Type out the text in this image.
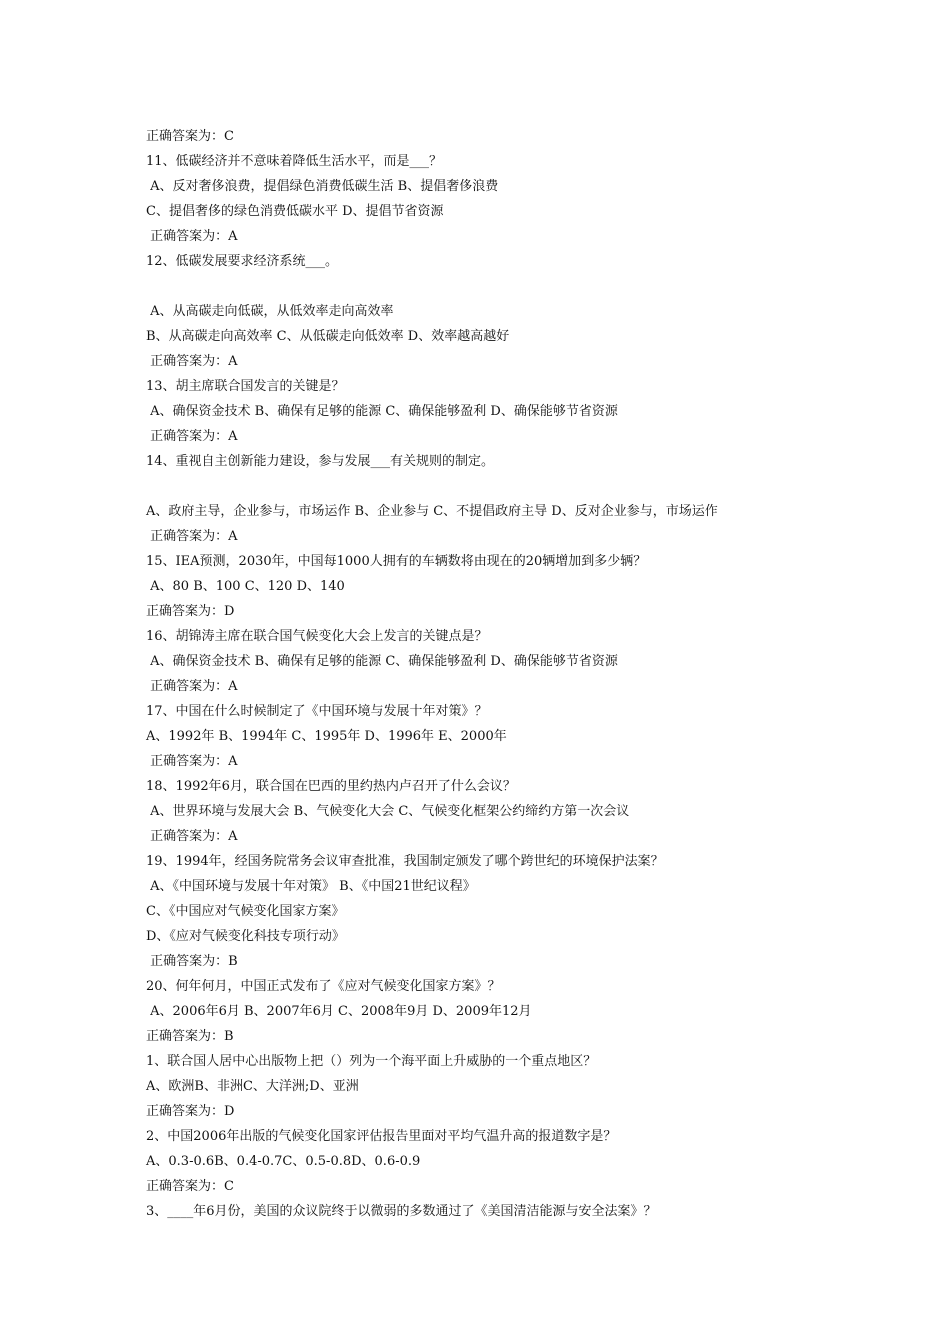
正确答案为：C
11、低碳经济并不意味着降低生活水平，而是___？
A、反对奢侈浪费，提倡绿色消费低碳生活 B、提倡奢侈浪费
C、提倡奢侈的绿色消费低碳水平 D、提倡节省资源
正确答案为：A
12、低碳发展要求经济系统___。
A、从高碳走向低碳，从低效率走向高效率
B、从高碳走向高效率 C、从低碳走向低效率 D、效率越高越好
正确答案为：A
13、胡主席联合国发言的关键是？
A、确保资金技术 B、确保有足够的能源 C、确保能够盈利 D、确保能够节省资源
正确答案为：A
14、重视自主创新能力建设，参与发展___有关规则的制定。
A、政府主导，企业参与，市场运作 B、企业参与 C、不提倡政府主导 D、反对企业参与，市场运作
正确答案为：A
15、IEA预测，2030年，中国每1000人拥有的车辆数将由现在的20辆增加到多少辆？
A、80 B、100 C、120 D、140
正确答案为：D
16、胡锦涛主席在联合国气候变化大会上发言的关键点是？
A、确保资金技术 B、确保有足够的能源 C、确保能够盈利 D、确保能够节省资源
正确答案为：A
17、中国在什么时候制定了《中国环境与发展十年对策》？
A、1992年 B、1994年 C、1995年 D、1996年 E、2000年
正确答案为：A
18、1992年6月，联合国在巴西的里约热内卢召开了什么会议？
A、世界环境与发展大会 B、气候变化大会 C、气候变化框架公约缔约方第一次会议
正确答案为：A
19、1994年，经国务院常务会议审查批准，我国制定颁发了哪个跨世纪的环境保护法案？
A、《中国环境与发展十年对策》 B、《中国21世纪议程》
C、《中国应对气候变化国家方案》
D、《应对气候变化科技专项行动》
正确答案为：B
20、何年何月，中国正式发布了《应对气候变化国家方案》？
A、2006年6月 B、2007年6月 C、2008年9月 D、2009年12月
正确答案为：B
1、联合国人居中心出版物上把（）列为一个海平面上升威胁的一个重点地区？
A、欧洲B、非洲C、大洋洲;D、亚洲
正确答案为：D
2、中国2006年出版的气候变化国家评估报告里面对平均气温升高的报道数字是？
A、0.3-0.6B、0.4-0.7C、0.5-0.8D、0.6-0.9
正确答案为：C
3、____年6月份，美国的众议院终于以微弱的多数通过了《美国清洁能源与安全法案》？
